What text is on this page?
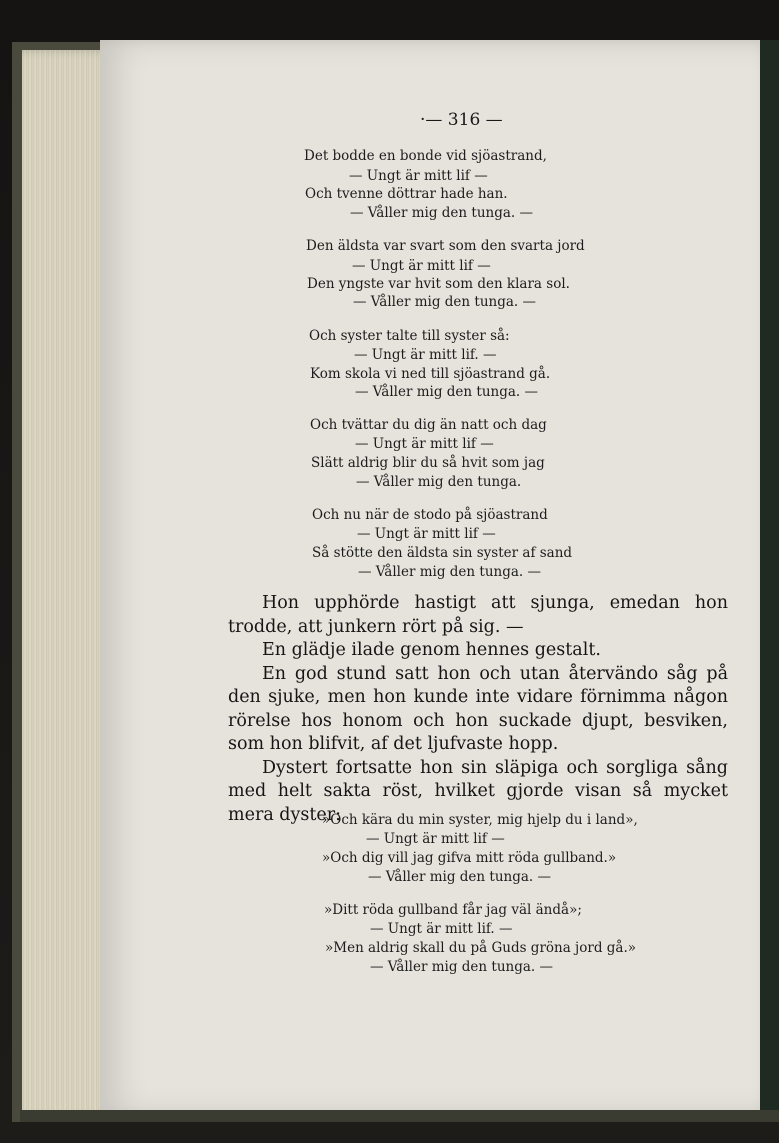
·— 316 —
Det bodde en bonde vid sjöastrand,
— Ungt är mitt lif —
Och tvenne döttrar hade han.
— Våller mig den tunga. —
Den äldsta var svart som den svarta jord
— Ungt är mitt lif —
Den yngste var hvit som den klara sol.
— Våller mig den tunga. —
Och syster talte till syster så:
— Ungt är mitt lif. —
Kom skola vi ned till sjöastrand gå.
— Våller mig den tunga. —
Och tvättar du dig än natt och dag
— Ungt är mitt lif —
Slätt aldrig blir du så hvit som jag
— Våller mig den tunga.
Och nu när de stodo på sjöastrand
— Ungt är mitt lif —
Så stötte den äldsta sin syster af sand
— Våller mig den tunga. —

Hon upphörde hastigt att sjunga, emedan hon trodde, att junkern rört på sig. —

En glädje ilade genom hennes gestalt.

En god stund satt hon och utan återvändo såg på den sjuke, men hon kunde inte vidare förnimma någon rörelse hos honom och hon suckade djupt, besviken, som hon blifvit, af det ljufvaste hopp.

Dystert fortsatte hon sin släpiga och sorgliga sång med helt sakta röst, hvilket gjorde visan så mycket mera dyster:

»Och kära du min syster, mig hjelp du i land»,
— Ungt är mitt lif —
»Och dig vill jag gifva mitt röda gullband.»
— Våller mig den tunga. —
»Ditt röda gullband får jag väl ändå»;
— Ungt är mitt lif. —
»Men aldrig skall du på Guds gröna jord gå.»
— Våller mig den tunga. —
